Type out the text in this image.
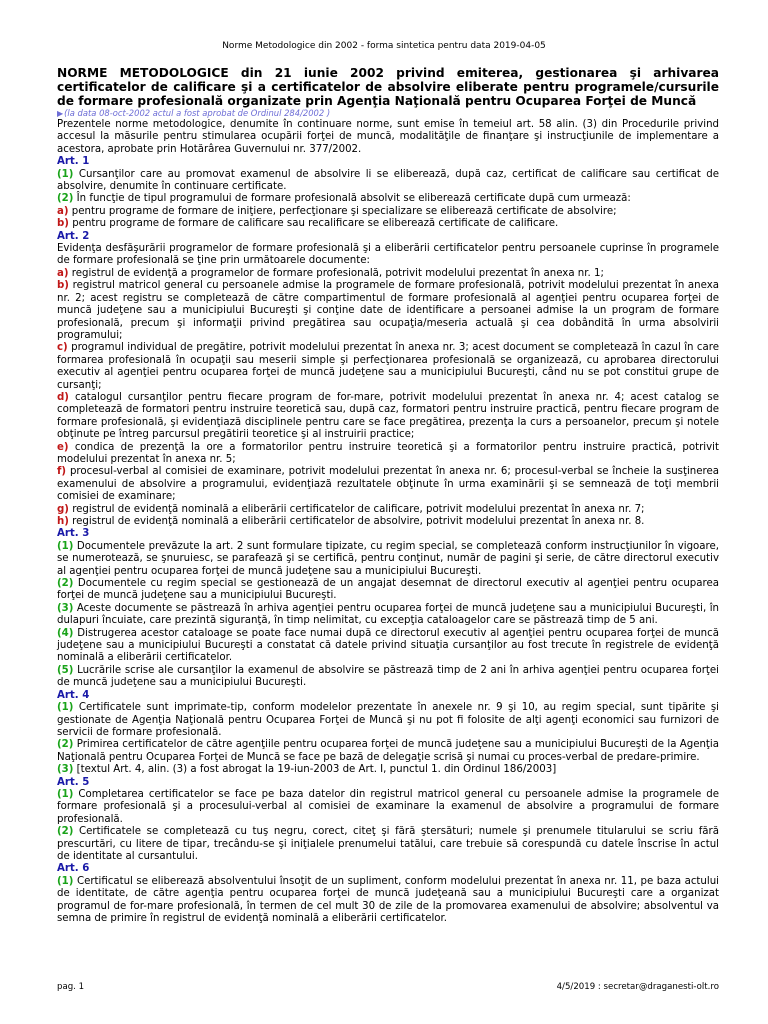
Norme Metodologice din 2002 - forma sintetica pentru data 2019-04-05
NORME METODOLOGICE din 21 iunie 2002 privind emiterea, gestionarea şi arhivarea certificatelor de calificare şi a certificatelor de absolvire eliberate pentru programele/cursurile de formare profesională organizate prin Agenţia Naţională pentru Ocuparea Forţei de Muncă
▶(la data 08-oct-2002 actul a fost aprobat de Ordinul 284/2002 )

Prezentele norme metodologice, denumite în continuare norme, sunt emise în temeiul art. 58 alin. (3) din Procedurile privind accesul la măsurile pentru stimularea ocupării forţei de muncă, modalităţile de finanţare şi instrucţiunile de implementare a acestora, aprobate prin Hotărârea Guvernului nr. 377/2002.

Art. 1

(1) Cursanţilor care au promovat examenul de absolvire li se eliberează, după caz, certificat de calificare sau certificat de absolvire, denumite în continuare certificate.

(2) În funcţie de tipul programului de formare profesională absolvit se eliberează certificate după cum urmează:

a) pentru programe de formare de iniţiere, perfecţionare şi specializare se eliberează certificate de absolvire;

b) pentru programe de formare de calificare sau recalificare se eliberează certificate de calificare.

Art. 2

Evidenţa desfăşurării programelor de formare profesională şi a eliberării certificatelor pentru persoanele cuprinse în programele de formare profesională se ţine prin următoarele documente:

a) registrul de evidenţă a programelor de formare profesională, potrivit modelului prezentat în anexa nr. 1;

b) registrul matricol general cu persoanele admise la programele de formare profesională, potrivit modelului prezentat în anexa nr. 2; acest registru se completează de către compartimentul de formare profesională al agenţiei pentru ocuparea forţei de muncă judeţene sau a municipiului Bucureşti şi conţine date de identificare a persoanei admise la un program de formare profesională, precum şi informaţii privind pregătirea sau ocupaţia/meseria actuală şi cea dobândită în urma absolvirii programului;

c) programul individual de pregătire, potrivit modelului prezentat în anexa nr. 3; acest document se completează în cazul în care formarea profesională în ocupaţii sau meserii simple şi perfecţionarea profesională se organizează, cu aprobarea directorului executiv al agenţiei pentru ocuparea forţei de muncă judeţene sau a municipiului Bucureşti, când nu se pot constitui grupe de cursanţi;

d) catalogul cursanţilor pentru fiecare program de for-mare, potrivit modelului prezentat în anexa nr. 4; acest catalog se completează de formatori pentru instruire teoretică sau, după caz, formatori pentru instruire practică, pentru fiecare program de formare profesională, şi evidenţiază disciplinele pentru care se face pregătirea, prezenţa la curs a persoanelor, precum şi notele obţinute pe întreg parcursul pregătirii teoretice şi al instruirii practice;

e) condica de prezenţă la ore a formatorilor pentru instruire teoretică şi a formatorilor pentru instruire practică, potrivit modelului prezentat în anexa nr. 5;

f) procesul-verbal al comisiei de examinare, potrivit modelului prezentat în anexa nr. 6; procesul-verbal se încheie la susţinerea examenului de absolvire a programului, evidenţiază rezultatele obţinute în urma examinării şi se semnează de toţi membrii comisiei de examinare;

g) registrul de evidenţă nominală a eliberării certificatelor de calificare, potrivit modelului prezentat în anexa nr. 7;

h) registrul de evidenţă nominală a eliberării certificatelor de absolvire, potrivit modelului prezentat în anexa nr. 8.

Art. 3

(1) Documentele prevăzute la art. 2 sunt formulare tipizate, cu regim special, se completează conform instrucţiunilor în vigoare, se numerotează, se şnuruiesc, se parafează şi se certifică, pentru conţinut, număr de pagini şi serie, de către directorul executiv al agenţiei pentru ocuparea forţei de muncă judeţene sau a municipiului Bucureşti.

(2) Documentele cu regim special se gestionează de un angajat desemnat de directorul executiv al agenţiei pentru ocuparea forţei de muncă judeţene sau a municipiului Bucureşti.

(3) Aceste documente se păstrează în arhiva agenţiei pentru ocuparea forţei de muncă judeţene sau a municipiului Bucureşti, în dulapuri încuiate, care prezintă siguranţă, în timp nelimitat, cu excepţia cataloagelor care se păstrează timp de 5 ani.

(4) Distrugerea acestor cataloage se poate face numai după ce directorul executiv al agenţiei pentru ocuparea forţei de muncă judeţene sau a municipiului Bucureşti a constatat că datele privind situaţia cursanţilor au fost trecute în registrele de evidenţă nominală a eliberării certificatelor.

(5) Lucrările scrise ale cursanţilor la examenul de absolvire se păstrează timp de 2 ani în arhiva agenţiei pentru ocuparea forţei de muncă judeţene sau a municipiului Bucureşti.

Art. 4

(1) Certificatele sunt imprimate-tip, conform modelelor prezentate în anexele nr. 9 şi 10, au regim special, sunt tipărite şi gestionate de Agenţia Naţională pentru Ocuparea Forţei de Muncă şi nu pot fi folosite de alţi agenţi economici sau furnizori de servicii de formare profesională.

(2) Primirea certificatelor de către agenţiile pentru ocuparea forţei de muncă judeţene sau a municipiului Bucureşti de la Agenţia Naţională pentru Ocuparea Forţei de Muncă se face pe bază de delegaţie scrisă şi numai cu proces-verbal de predare-primire.

(3) [textul Art. 4, alin. (3) a fost abrogat la 19-iun-2003 de Art. I, punctul 1. din Ordinul 186/2003]

Art. 5

(1) Completarea certificatelor se face pe baza datelor din registrul matricol general cu persoanele admise la programele de formare profesională şi a procesului-verbal al comisiei de examinare la examenul de absolvire a programului de formare profesională.

(2) Certificatele se completează cu tuş negru, corect, citeţ şi fără ştersături; numele şi prenumele titularului se scriu fără prescurtări, cu litere de tipar, trecându-se şi iniţialele prenumelui tatălui, care trebuie să corespundă cu datele înscrise în actul de identitate al cursantului.

Art. 6

(1) Certificatul se eliberează absolventului însoţit de un supliment, conform modelului prezentat în anexa nr. 11, pe baza actului de identitate, de către agenţia pentru ocuparea forţei de muncă judeţeană sau a municipiului Bucureşti care a organizat programul de for-mare profesională, în termen de cel mult 30 de zile de la promovarea examenului de absolvire; absolventul va semna de primire în registrul de evidenţă nominală a eliberării certificatelor.

pag. 1	4/5/2019 : secretar@draganesti-olt.ro
